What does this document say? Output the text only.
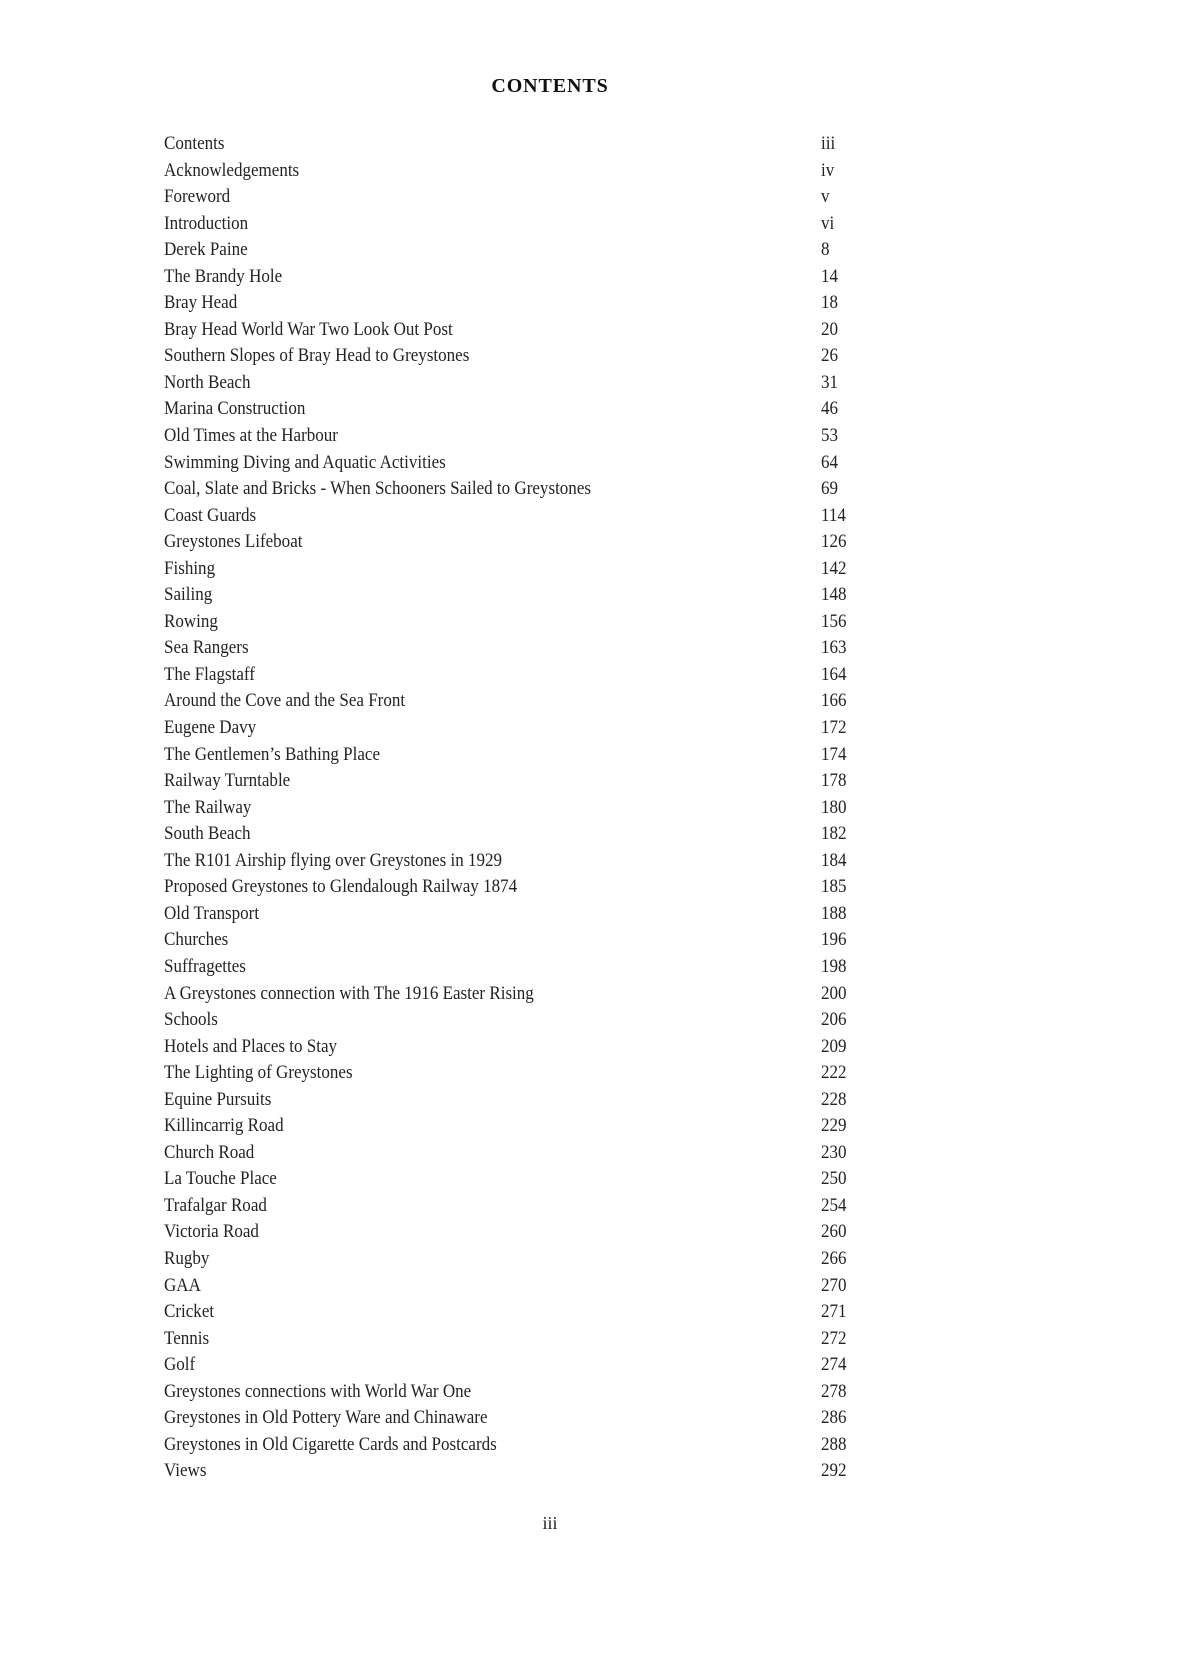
CONTENTS
Contents	iii
Acknowledgements	iv
Foreword	v
Introduction	vi
Derek Paine	8
The Brandy Hole	14
Bray Head	18
Bray Head World War Two Look Out Post	20
Southern Slopes of Bray Head to Greystones	26
North Beach	31
Marina Construction	46
Old Times at the Harbour	53
Swimming Diving and Aquatic Activities	64
Coal, Slate and Bricks - When Schooners Sailed to Greystones	69
Coast Guards	114
Greystones Lifeboat	126
Fishing	142
Sailing	148
Rowing	156
Sea Rangers	163
The Flagstaff	164
Around the Cove and the Sea Front	166
Eugene Davy	172
The Gentlemen’s Bathing Place	174
Railway Turntable	178
The Railway	180
South Beach	182
The R101 Airship flying over Greystones in 1929	184
Proposed Greystones to Glendalough Railway 1874	185
Old Transport	188
Churches	196
Suffragettes	198
A Greystones connection with The 1916 Easter Rising	200
Schools	206
Hotels and Places to Stay	209
The Lighting of Greystones	222
Equine Pursuits	228
Killincarrig Road	229
Church Road	230
La Touche Place	250
Trafalgar Road	254
Victoria Road	260
Rugby	266
GAA	270
Cricket	271
Tennis	272
Golf	274
Greystones connections with World War One	278
Greystones in Old Pottery Ware and Chinaware	286
Greystones in Old Cigarette Cards and Postcards	288
Views	292
iii
